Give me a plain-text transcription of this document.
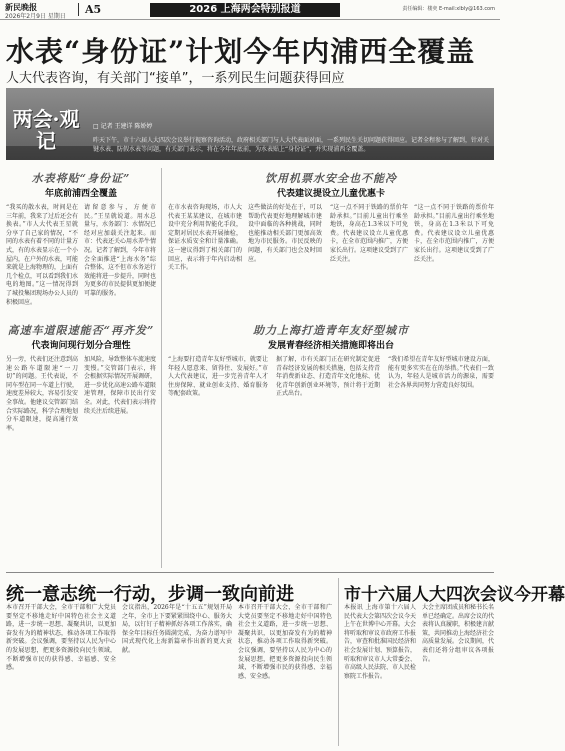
新民晚报
2026年2月9日 星期日
A5	2026 上海两会特别报道	责任编辑：楼奕 E-mail:xlbly@163.com
水表“身份证”计划今年内浦西全覆盖
人大代表咨询，有关部门“接单”，一系列民生问题获得回应
两会·观记
□ 记者 王建详 陈娇婷
昨天下午，市十六届人大四次会议举行视察咨询活动，政府相关部门与人大代表面对面，一系列民生关切问题获得回应。记者全程参与了解到，针对关键水表、防假水表等问题，有关部门表示，将在今年年底前，为水表贴上“身份证”，并实现浦西全覆盖。
水表将贴“身份证”
年底前浦西全覆盖
“我买的散水表，时间是在三年前，我来了过后还会有换表。”市人大代表王星就分享了自己家的情况，“不同的水表有着不同的计量方式，有的水表显示在一个小屋内，在户外的水表，可能来就是上海物理的，上面有几个检点，可以看到我们水电的地图。”这一情况得到了城投集团现场办公人员的积极回应。
请留意参与，方便市民。”王星就说道。用水总量与，水务部门：水情况已经对应加载关注起来。而市：代表还关心用水养牛情况。记者了解到，今年市将会全面推进“上海水务”综合整体，这不但市水务运行效能将进一步提升，同时也为更多的市民提供更加便捷可靠的服务。
高速车道限速能否“再齐发”
代表询问现行划分合理性
饮用机票水安全也不能冷
代表建议提设立儿童优惠卡
在市水表咨询现场，市人大代表王某某建议，在城市建设中充分利用智能化手段，定期对居民水表开展抽检，保证水质安全和计量准确。这一建议得到了相关部门的回应，表示将于年内启动相关工作。
这些做法的好处在于，可以帮助代表更好地理解城市建设中面临的各种挑战，同时也能推动相关部门更加高效地为市民服务。市民反映的问题，有关部门也会及时回应。
“这一点不同于铁路的票价年龄承担。”目前儿童出行乘坐地铁，身高在1.3米以下可免费。代表建议设立儿童优惠卡，在全市范围内推广，方便家长出行。这项建议受到了广泛关注。
“这一点不同于铁路的票价年龄承担。”目前儿童出行乘坐地铁，身高在1.3米以下可免费。代表建议设立儿童优惠卡，在全市范围内推广，方便家长出行。这项建议受到了广泛关注。
另一旁，代表们还注意到高速公路车道限速“一刀切”的问题。王代表说，不同车型在同一车道上行驶，速度差异较大，容易引发安全事故。他建议交管部门结合实际路况，科学合理地划分车道限速，提高通行效率。
加风险，导致整体车流速度变慢。”交管部门表示，将会根据实际情况开展调研，进一步优化高速公路车道限速管理，保障市民出行安全。对此，代表们表示将持续关注后续进展。
助力上海打造青年友好型城市
发展青春经济相关措施即将出台
“上海要打造青年友好型城市，就要让年轻人愿意来、留得住、发展好。”市人大代表建议，进一步完善青年人才住房保障、就业创业支持、婚育服务等配套政策。
据了解，市有关部门正在研究制定促进青春经济发展的相关措施，包括支持青年消费新业态、打造青年文化地标、优化青年创新创业环境等，预计将于近期正式出台。
“我们希望在青年友好型城市建设方面，能有更多实实在在的举措。”代表们一致认为，年轻人是城市活力的源泉，需要社会各界共同努力营造良好氛围。
统一意志统一行动，步调一致向前进
本市召开干部大会，全市干部和广大党员要坚定不移地走好中国特色社会主义道路，进一步统一思想、凝聚共识，以更加奋发有为的精神状态，推动各项工作取得新突破。会议强调，要坚持以人民为中心的发展思想，把更多资源投向民生领域，不断增强市民的获得感、幸福感、安全感。
会议指出，2026年是“十五五”规划开局之年，全市上下要紧紧围绕中心、服务大局，以钉钉子精神抓好各项工作落实，确保全年目标任务圆满完成，为奋力谱写中国式现代化上海新篇章作出新的更大贡献。
本市召开干部大会，全市干部和广大党员要坚定不移地走好中国特色社会主义道路，进一步统一思想、凝聚共识，以更加奋发有为的精神状态，推动各项工作取得新突破。会议强调，要坚持以人民为中心的发展思想，把更多资源投向民生领域，不断增强市民的获得感、幸福感、安全感。
市十六届人大四次会议今开幕
本报讯 上海市第十六届人民代表大会第四次会议今天上午在世博中心开幕。大会将听取和审议市政府工作报告，审查和批准国民经济和社会发展计划、预算报告，听取和审议市人大常委会、市高级人民法院、市人民检察院工作报告。
大会主席团成员和秘书长名单已经确定。出席会议的代表将认真履职，积极建言献策，共同推动上海经济社会高质量发展。会议期间，代表们还将分组审议各项报告。
